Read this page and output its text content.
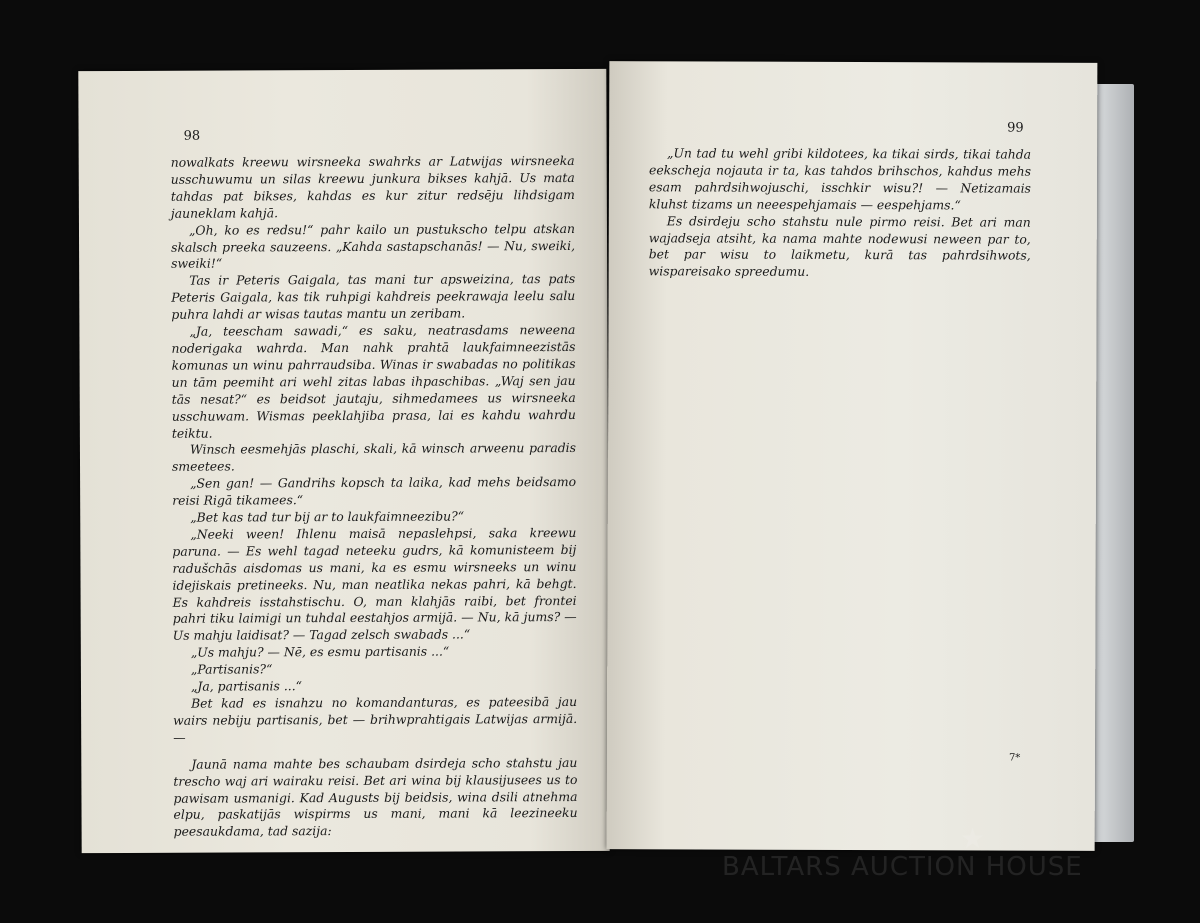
98

nowalkats kreewu wirsneeka swahrks ar Latwijas wirsneeka usschuwumu un silas kreewu junkura bikses kahjā. Us mata tahdas pat bikses, kahdas es kur zitur redsēju lihdsigam jauneklam kahjā.

„Oh, ko es redsu!“ pahr kailo un pustukscho telpu atskan skalsch preeka sauzeens. „Kahda sastapschanās! — Nu, sweiki, sweiki!“

Tas ir Peteris Gaigala, tas mani tur apsweizina, tas pats Peteris Gaigala, kas tik ruhpigi kahdreis peekrawaja leelu salu puhra lahdi ar wisas tautas mantu un zeribam.

„Ja, teescham sawadi,“ es saku, neatrasdams neweena noderigaka wahrda. Man nahk prahtā laukfaimneezistās komunas un winu pahrraudsiba. Winas ir swabadas no politikas un tām peemiht ari wehl zitas labas ihpaschibas. „Waj sen jau tās nesat?“ es beidsot jautaju, sihmedamees us wirsneeka usschuwam. Wismas peeklahjiba prasa, lai es kahdu wahrdu teiktu.

Winsch eesmehjās plaschi, skali, kā winsch arweenu paradis smeetees.

„Sen gan! — Gandrihs kopsch ta laika, kad mehs beidsamo reisi Rigā tikamees.“

„Bet kas tad tur bij ar to laukfaimneezibu?“

„Neeki ween! Ihlenu maisā nepaslehpsi, saka kreewu paruna. — Es wehl tagad neteeku gudrs, kā komunisteem bij radušchās aisdomas us mani, ka es esmu wirsneeks un winu idejiskais pretineeks. Nu, man neatlika nekas pahri, kā behgt. Es kahdreis isstahstischu. O, man klahjās raibi, bet frontei pahri tiku laimigi un tuhdal eestahjos armijā. — Nu, kā jums? — Us mahju laidisat? — Tagad zelsch swabads ...“

„Us mahju? — Nē, es esmu partisanis ...“

„Partisanis?“

„Ja, partisanis ...“

Bet kad es isnahzu no komandanturas, es pateesibā jau wairs nebiju partisanis, bet — brihwprahtigais Latwijas armijā.—

Jaunā nama mahte bes schaubam dsirdeja scho stahstu jau trescho waj ari wairaku reisi. Bet ari wina bij klausijusees us to pawisam usmanigi. Kad Augusts bij beidsis, wina dsili atnehma elpu, paskatijās wispirms us mani, mani kā leezineeku peesaukdama, tad sazija:

99

„Un tad tu wehl gribi kildotees, ka tikai sirds, tikai tahda eekscheja nojauta ir ta, kas tahdos brihschos, kahdus mehs esam pahrdsihwojuschi, isschkir wisu?! — Netizamais kluhst tizams un neeespehjamais — eespehjams.“

Es dsirdeju scho stahstu nule pirmo reisi. Bet ari man wajadseja atsiht, ka nama mahte nodewusi neween par to, bet par wisu to laikmetu, kurā tas pahrdsihwots, wispareisako spreedumu.

7*
★
BALTARS AUCTION HOUSE
